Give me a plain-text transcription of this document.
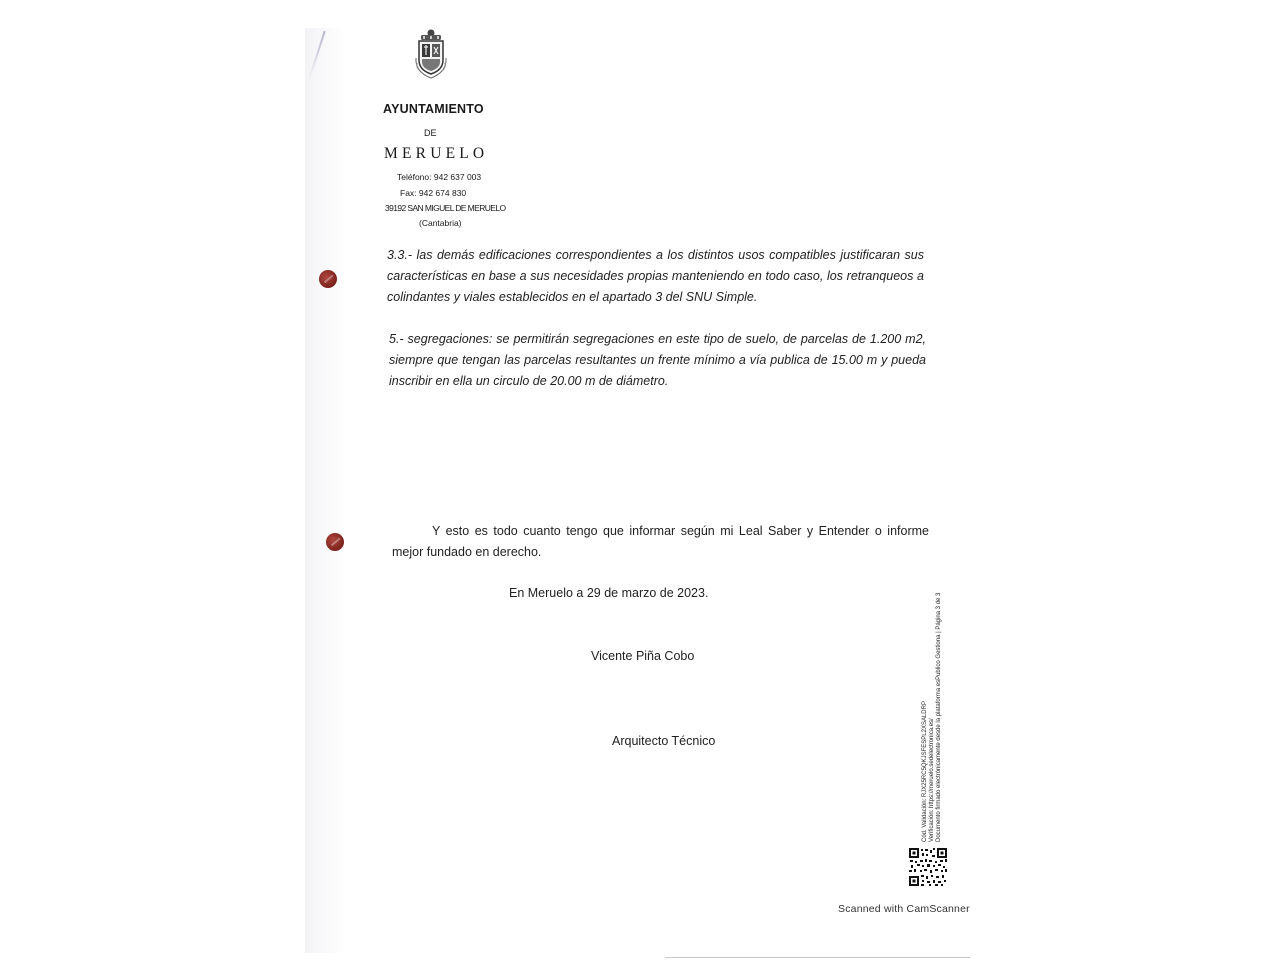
AYUNTAMIENTO
DE
MERUELO
Teléfono: 942 637 003
Fax: 942 674 830
39192 SAN MIGUEL DE MERUELO
(Cantabria)
3.3.- las demás edificaciones correspondientes a los distintos usos compatibles justificaran sus características en base a sus necesidades propias manteniendo en todo caso, los retranqueos a colindantes y viales establecidos en el apartado 3 del SNU Simple.
5.- segregaciones: se permitirán segregaciones en este tipo de suelo, de parcelas de 1.200 m2, siempre que tengan las parcelas resultantes un frente mínimo a vía publica de 15.00 m y pueda inscribir en ella un circulo de 20.00 m de diámetro.
Y esto es todo cuanto tengo que informar según mi Leal Saber y Entender o informe mejor fundado en derecho.
En Meruelo a 29 de marzo de 2023.
Vicente Piña Cobo
Arquitecto Técnico	Cód. Validación: RJX25RC5QKJSFESPL2XSALDRP Verificación: https://meruelo.sedelectronica.es/ Documento firmado electrónicamente desde la plataforma esPublico Gestiona | Página 3 de 3
Scanned with CamScanner
